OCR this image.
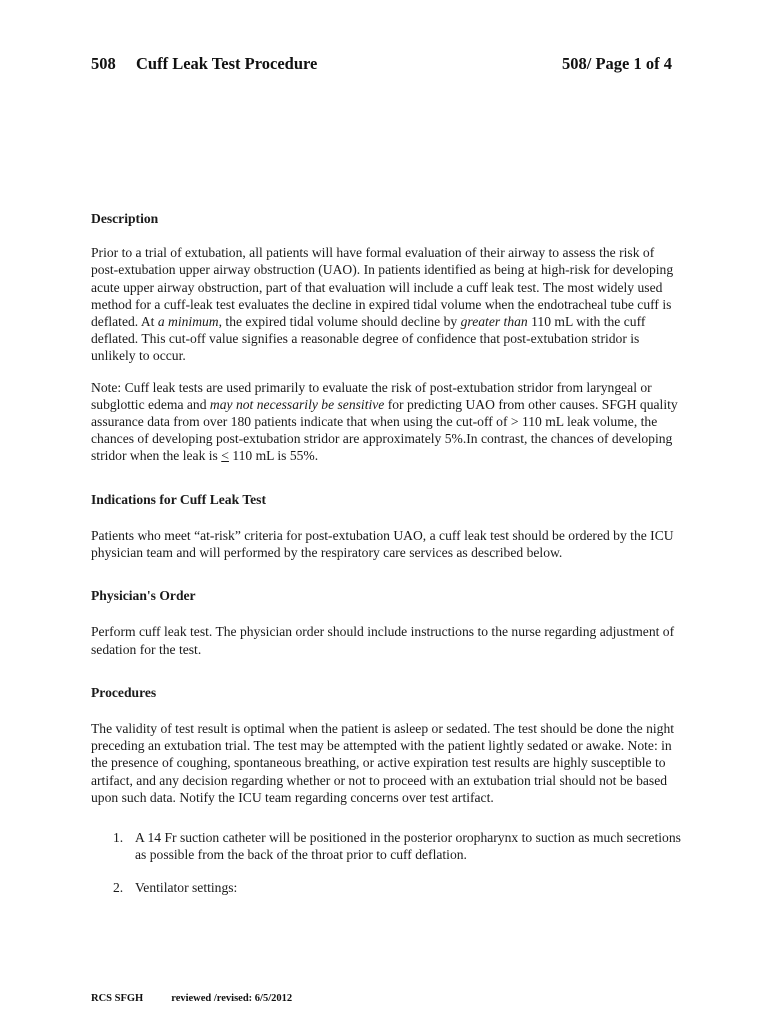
508 Cuff Leak Test Procedure	508/ Page 1 of 4

Description

Prior to a trial of extubation, all patients will have formal evaluation of their airway to assess the risk of post-extubation upper airway obstruction (UAO). In patients identified as being at high-risk for developing acute upper airway obstruction, part of that evaluation will include a cuff leak test. The most widely used method for a cuff-leak test evaluates the decline in expired tidal volume when the endotracheal tube cuff is deflated. At a minimum, the expired tidal volume should decline by greater than 110 mL with the cuff deflated. This cut-off value signifies a reasonable degree of confidence that post-extubation stridor is unlikely to occur.

Note: Cuff leak tests are used primarily to evaluate the risk of post-extubation stridor from laryngeal or subglottic edema and may not necessarily be sensitive for predicting UAO from other causes. SFGH quality assurance data from over 180 patients indicate that when using the cut-off of > 110 mL leak volume, the chances of developing post-extubation stridor are approximately 5%.In contrast, the chances of developing stridor when the leak is ≤ 110 mL is 55%.

Indications for Cuff Leak Test

Patients who meet “at-risk” criteria for post-extubation UAO, a cuff leak test should be ordered by the ICU physician team and will performed by the respiratory care services as described below.

Physician's Order

Perform cuff leak test. The physician order should include instructions to the nurse regarding adjustment of sedation for the test.

Procedures

The validity of test result is optimal when the patient is asleep or sedated. The test should be done the night preceding an extubation trial. The test may be attempted with the patient lightly sedated or awake. Note: in the presence of coughing, spontaneous breathing, or active expiration test results are highly susceptible to artifact, and any decision regarding whether or not to proceed with an extubation trial should not be based upon such data. Notify the ICU team regarding concerns over test artifact.

1. A 14 Fr suction catheter will be positioned in the posterior oropharynx to suction as much secretions as possible from the back of the throat prior to cuff deflation.
2. Ventilator settings:
RCS SFGH	reviewed /revised: 6/5/2012
